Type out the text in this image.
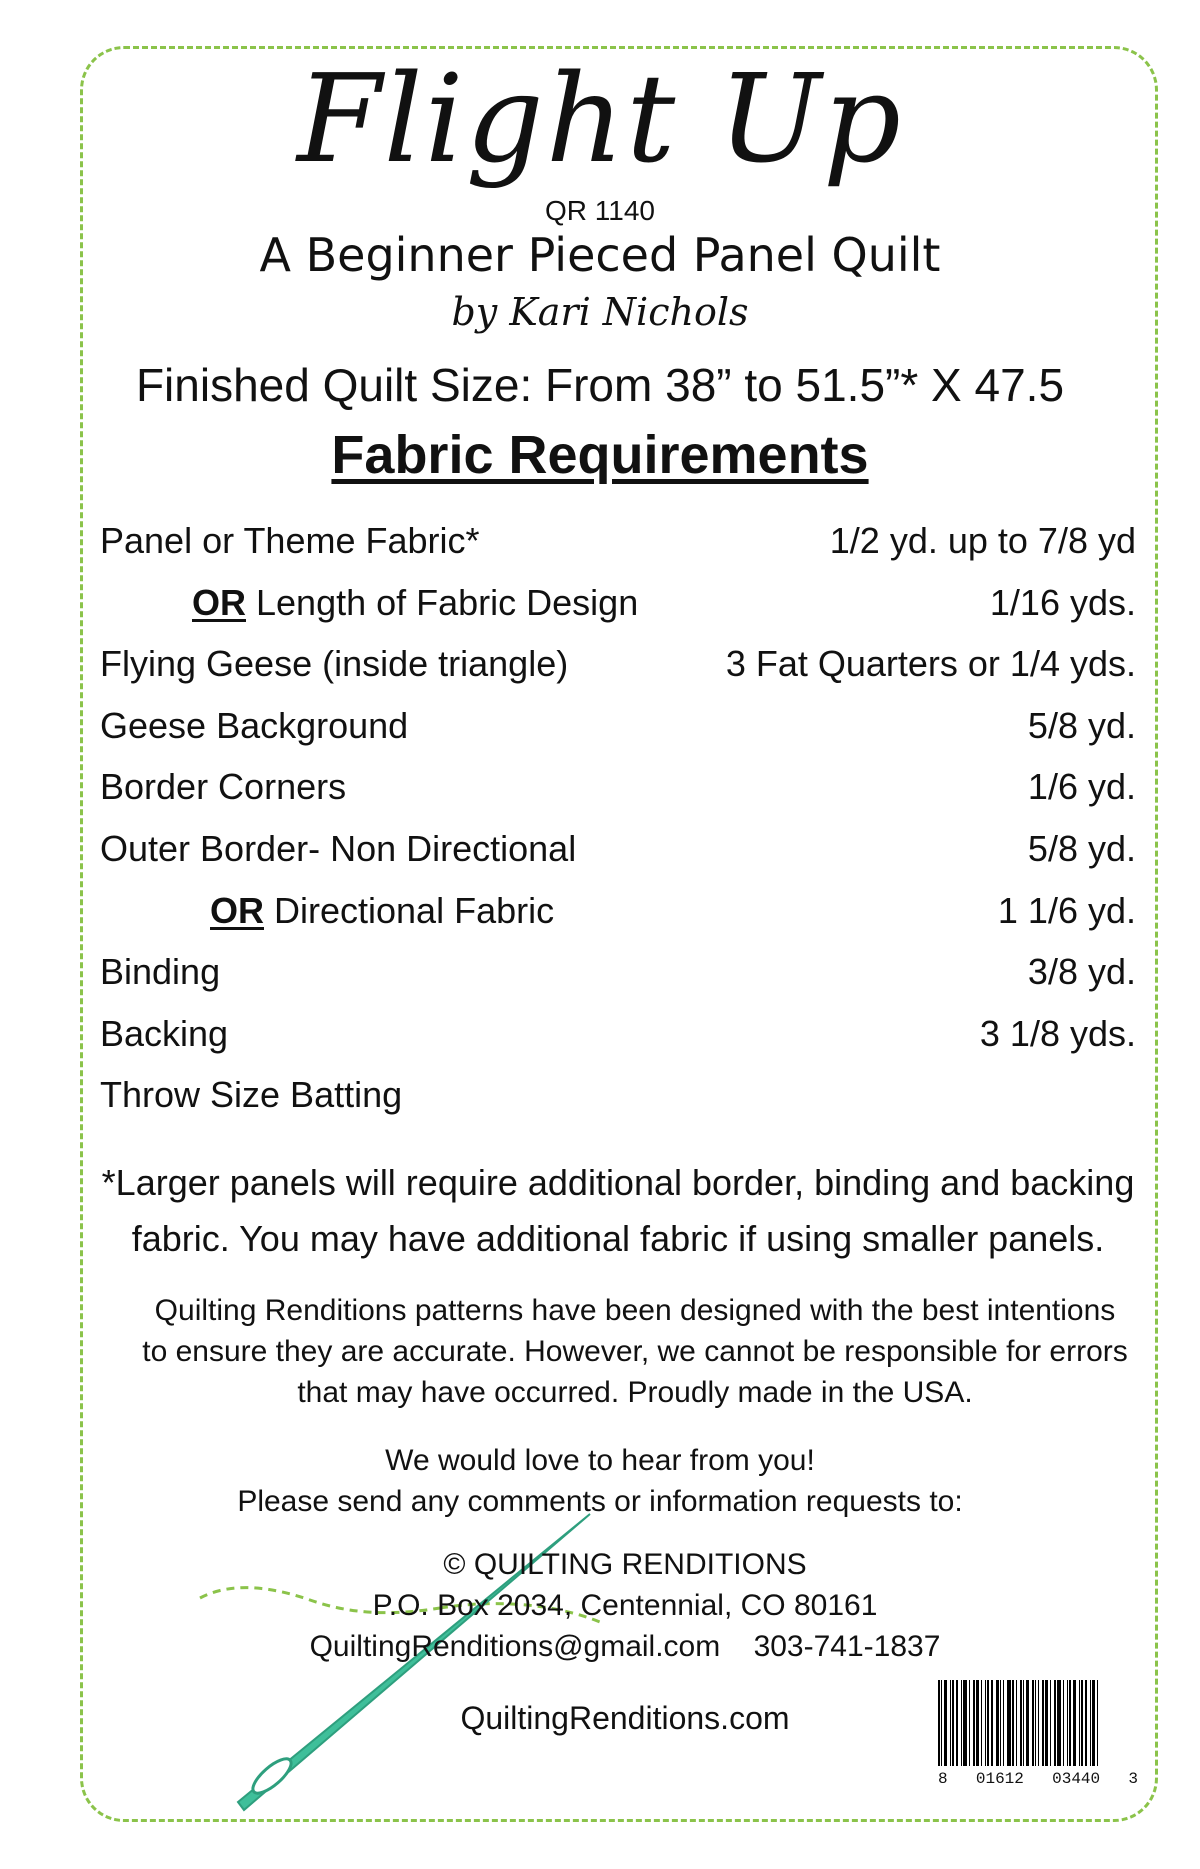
Flight Up
QR 1140
A Beginner Pieced Panel Quilt
by Kari Nichols
Finished Quilt Size: From 38” to 51.5”* X 47.5
Fabric Requirements
Panel or Theme Fabric*	1/2 yd. up to 7/8 yd
OR Length of Fabric Design	1/16 yds.
Flying Geese (inside triangle)	3 Fat Quarters or 1/4 yds.
Geese Background	5/8 yd.
Border Corners	1/6 yd.
Outer Border- Non Directional	5/8 yd.
OR Directional Fabric	1 1/6 yd.
Binding	3/8 yd.
Backing	3 1/8 yds.
Throw Size Batting
*Larger panels will require additional border, binding and backing
fabric. You may have additional fabric if using smaller panels.
Quilting Renditions patterns have been designed with the best intentions
to ensure they are accurate. However, we cannot be responsible for errors
that may have occurred. Proudly made in the USA.
We would love to hear from you!
Please send any comments or information requests to:
© QUILTING RENDITIONS
P.O. Box 2034, Centennial, CO 80161
QuiltingRenditions@gmail.com 303-741-1837
QuiltingRenditions.com
8 01612 03440 3
